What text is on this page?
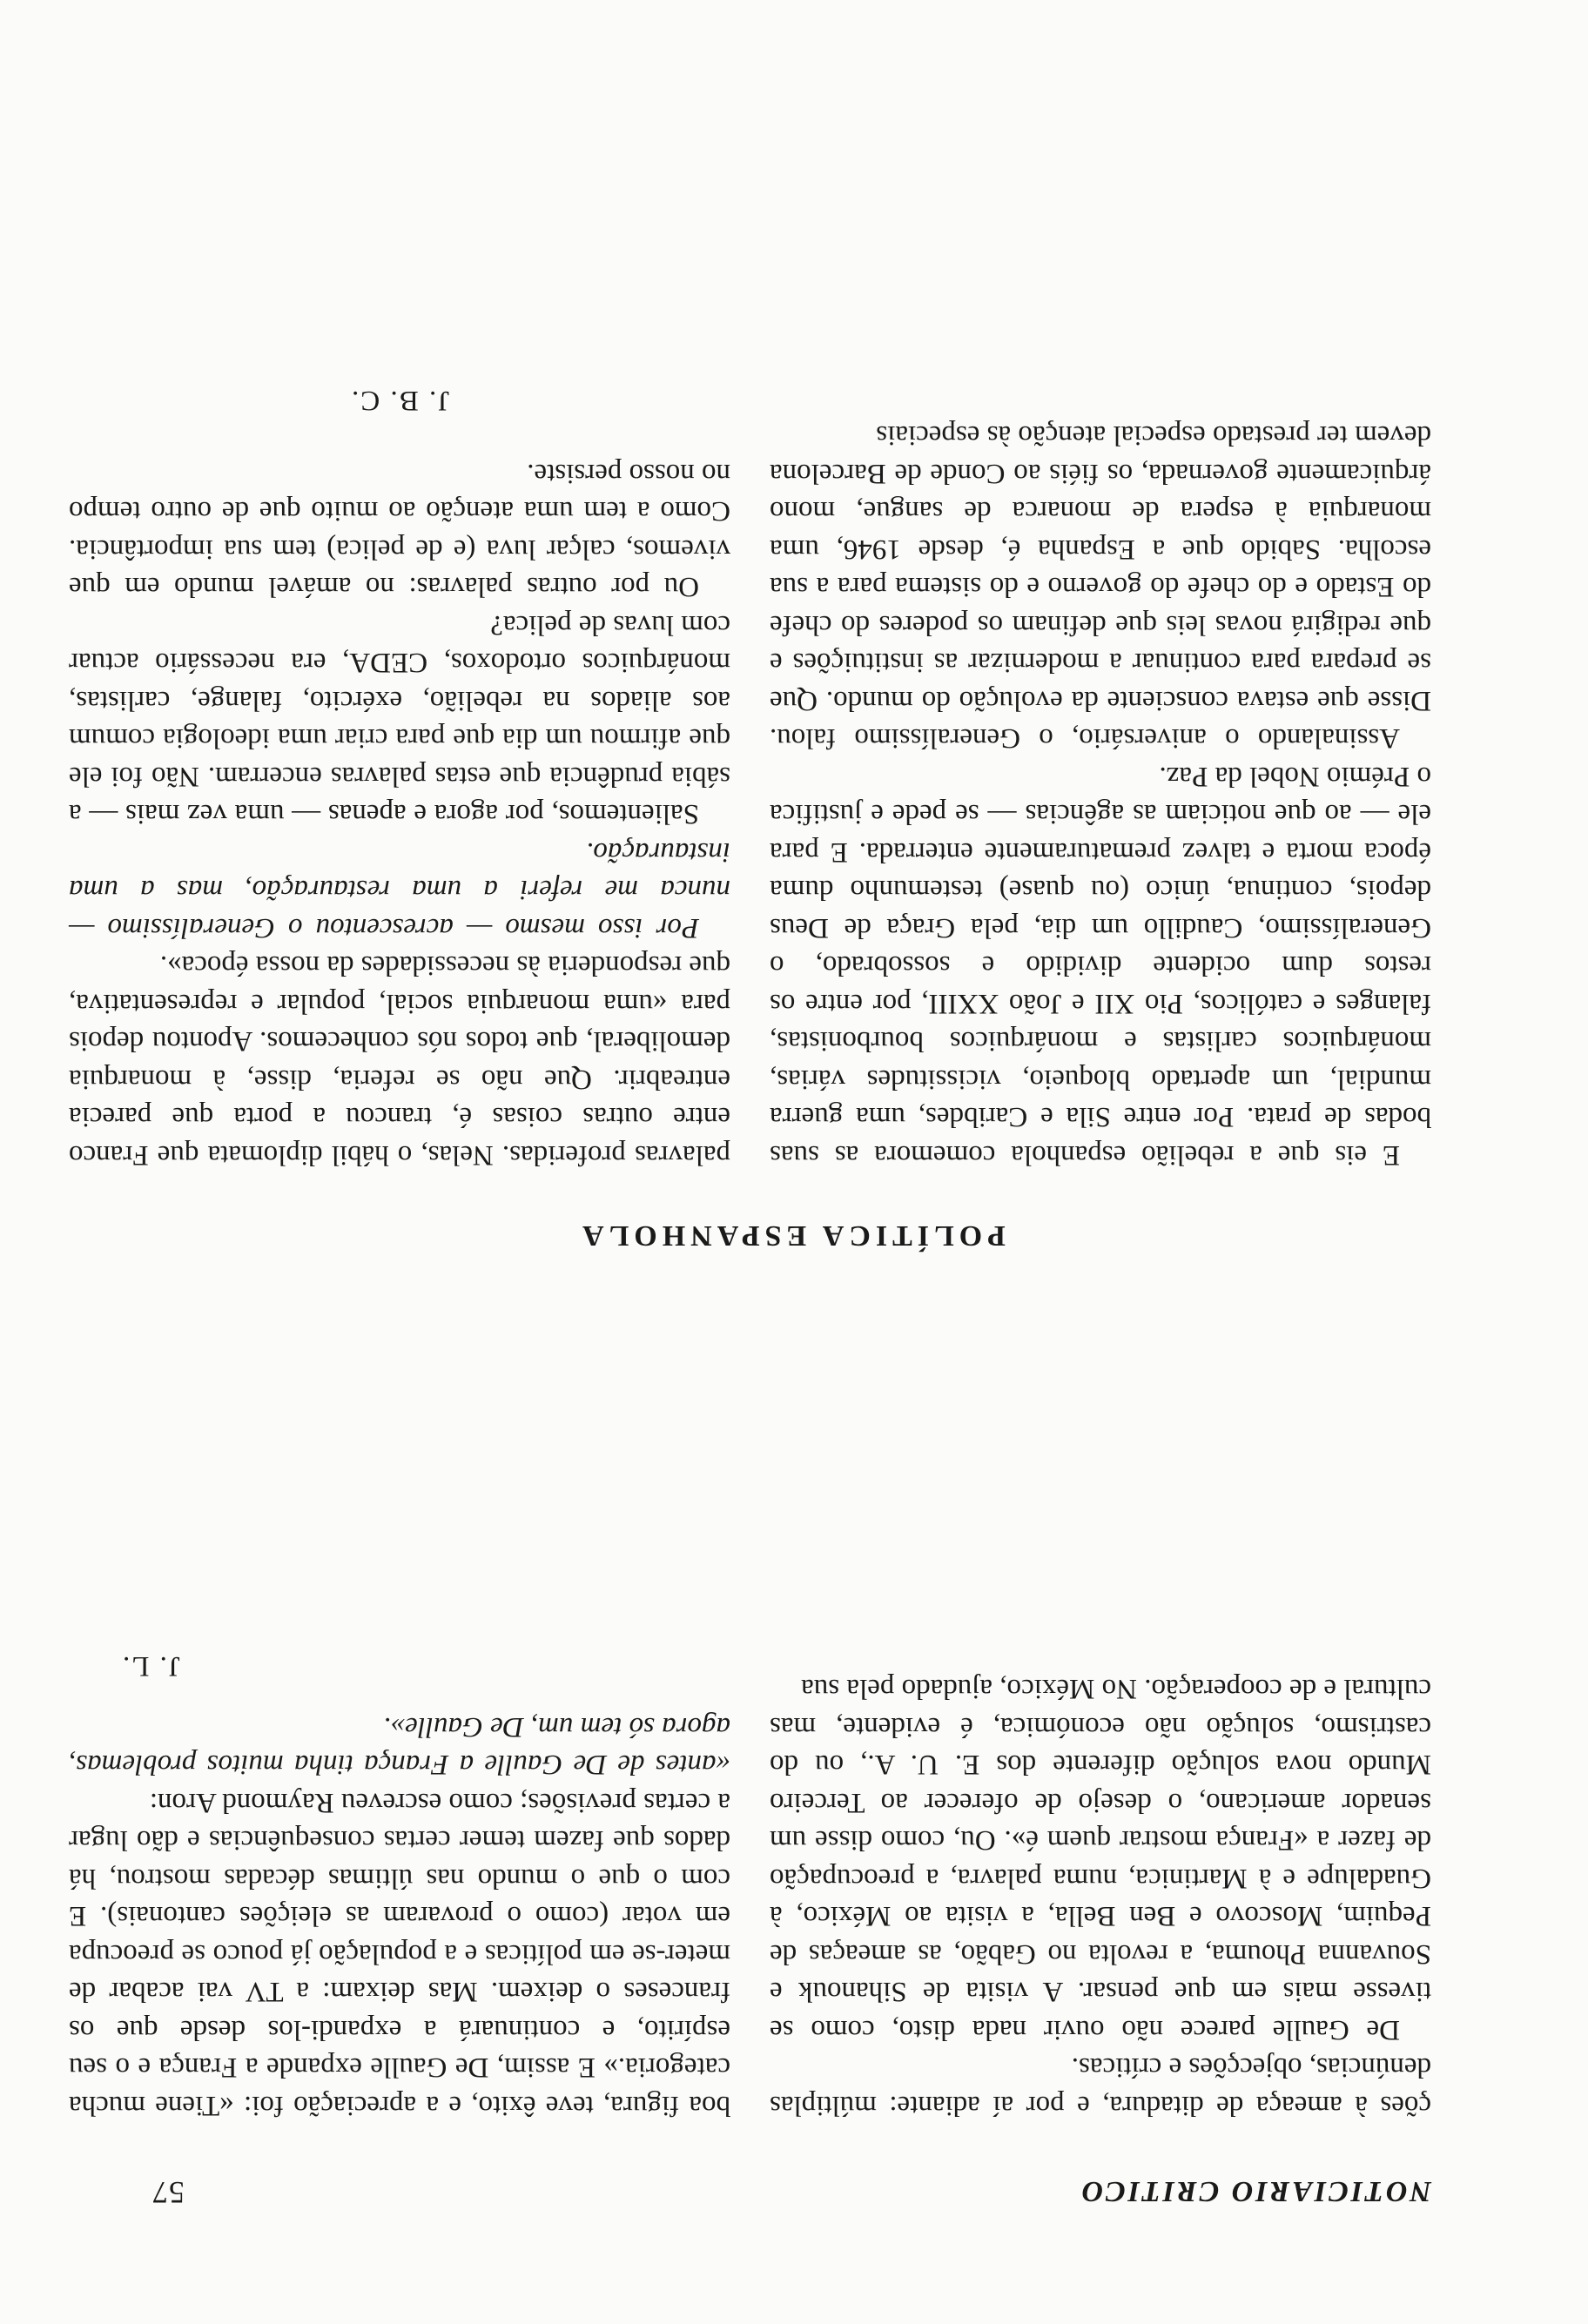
NOTICIARIO CRITICO
57

ções à ameaça de ditadura, e por aí adiante: múltiplas denúncias, objecções e críticas.

De Gaulle parece não ouvir nada disto, como se tivesse mais em que pensar. A visita de Sihanouk e Souvanna Phouma, a revolta no Gabão, as ameaças de Pequim, Moscovo e Ben Bella, a visita ao México, à Guadalupe e à Martinica, numa palavra, a preocupação de fazer a «França mostrar quem é». Ou, como disse um senador americano, o desejo de oferecer ao Terceiro Mundo nova solução diferente dos E. U. A., ou do castrismo, solução não económica, é evidente, mas cultural e de cooperação. No México, ajudado pela sua

boa figura, teve êxito, e a apreciação foi: «Tiene mucha categoria.» E assim, De Gaulle expande a França e o seu espírito, e continuará a expandi-los desde que os franceses o deixem. Mas deixam: a TV vai acabar de meter-se em políticas e a população já pouco se preocupa em votar (como o provaram as eleições cantonais). E com o que o mundo nas últimas décadas mostrou, há dados que fazem temer certas consequências e dão lugar a certas previsões; como escreveu Raymond Aron:

«antes de De Gaulle a França tinha muitos problemas, agora só tem um, De Gaulle».

J. L.
POLÍTICA ESPANHOLA

E eis que a rebelião espanhola comemora as suas bodas de prata. Por entre Sila e Caribdes, uma guerra mundial, um apertado bloqueio, vicissitudes várias, monárquicos carlistas e monárquicos bourbonistas, falanges e católicos, Pio XII e João XXIII, por entre os restos dum ocidente dividido e sossobrado, o Generalíssimo, Caudillo um dia, pela Graça de Deus depois, continua, único (ou quase) testemunho duma época morta e talvez prematuramente enterrada. E para ele — ao que noticiam as agências — se pede e justifica o Prémio Nobel da Paz.

Assinalando o aniversário, o Generalíssimo falou. Disse que estava consciente da evolução do mundo. Que se prepara para continuar a modernizar as instituições e que redigirá novas leis que definam os poderes do chefe do Estado e do chefe do governo e do sistema para a sua escolha. Sabido que a Espanha é, desde 1946, uma monarquia à espera de monarca de sangue, mono árquicamente governada, os fiéis ao Conde de Barcelona devem ter prestado especial atenção às especiais

palavras proferidas. Nelas, o hábil diplomata que Franco entre outras coisas é, trancou a porta que parecia entreabrir. Que não se referia, disse, à monarquia demoliberal, que todos nós conhecemos. Apontou depois para «uma monarquia social, popular e representativa, que responderia às necessidades da nossa época».

Por isso mesmo — acrescentou o Generalíssimo — nunca me referi a uma restauração, mas a uma instauração.

Salientemos, por agora e apenas — uma vez mais — a sábia prudência que estas palavras encerram. Não foi ele que afirmou um dia que para criar uma ideologia comum aos aliados na rebelião, exército, falange, carlistas, monárquicos ortodoxos, CEDA, era necessário actuar com luvas de pelica?

Ou por outras palavras: no amável mundo em que vivemos, calçar luva (e de pelica) tem sua importância. Como a tem uma atenção ao muito que de outro tempo no nosso persiste.

J. B. C.
